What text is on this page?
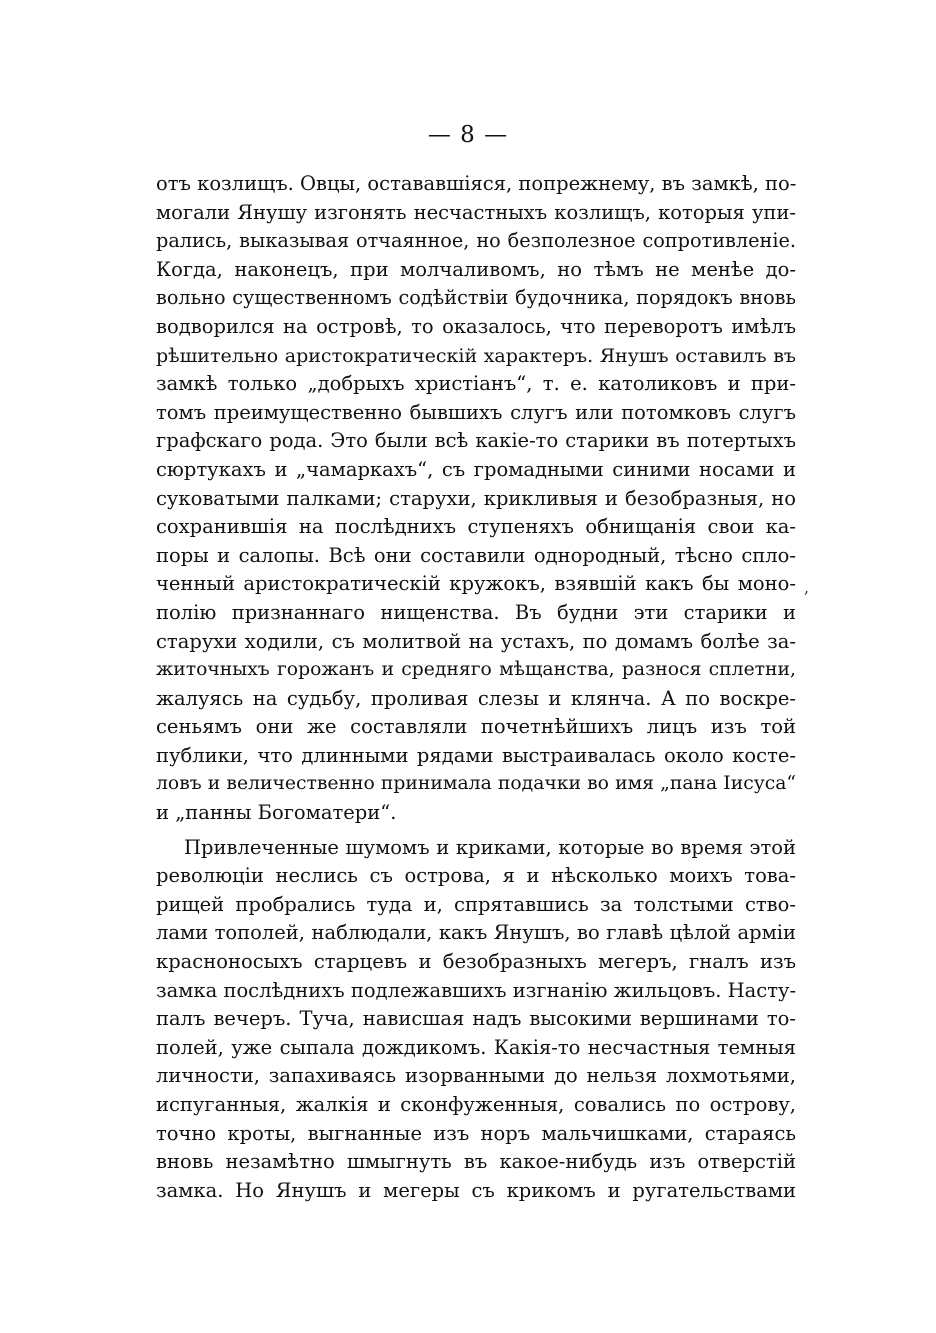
— 8 —
отъ козлищъ. Овцы, остававшіяся, попрежнему, въ замкѣ, по-
могали Янушу изгонять несчастныхъ козлищъ, которыя упи-
рались, выказывая отчаянное, но безполезное сопротивленіе.
Когда, наконецъ, при молчаливомъ, но тѣмъ не менѣе до-
вольно существенномъ содѣйствіи будочника, порядокъ вновь
водворился на островѣ, то оказалось, что переворотъ имѣлъ
рѣшительно аристократическій характеръ. Янушъ оставилъ въ
замкѣ только „добрыхъ христіанъ“, т. е. католиковъ и при-
томъ преимущественно бывшихъ слугъ или потомковъ слугъ
графскаго рода. Это были всѣ какіе-то старики въ потертыхъ
сюртукахъ и „чамаркахъ“, съ громадными синими носами и
суковатыми палками; старухи, крикливыя и безобразныя, но
сохранившія на послѣднихъ ступеняхъ обнищанія свои ка-
поры и салопы. Всѣ они составили однородный, тѣсно спло-
ченный аристократическій кружокъ, взявшій какъ бы моно-
полію признаннаго нищенства. Въ будни эти старики и
старухи ходили, съ молитвой на устахъ, по домамъ болѣе за-
житочныхъ горожанъ и средняго мѣщанства, разнося сплетни,
жалуясь на судьбу, проливая слезы и клянча. А по воскре-
сеньямъ они же составляли почетнѣйшихъ лицъ изъ той
публики, что длинными рядами выстраивалась около косте-
ловъ и величественно принимала подачки во имя „пана Іисуса“
и „панны Богоматери“.
Привлеченные шумомъ и криками, которые во время этой
революціи неслись съ острова, я и нѣсколько моихъ това-
рищей пробрались туда и, спрятавшись за толстыми ство-
лами тополей, наблюдали, какъ Янушъ, во главѣ цѣлой арміи
красноносыхъ старцевъ и безобразныхъ мегеръ, гналъ изъ
замка послѣднихъ подлежавшихъ изгнанію жильцовъ. Насту-
палъ вечеръ. Туча, нависшая надъ высокими вершинами то-
полей, уже сыпала дождикомъ. Какія-то несчастныя темныя
личности, запахиваясь изорванными до нельзя лохмотьями,
испуганныя, жалкія и сконфуженныя, совались по острову,
точно кроты, выгнанные изъ норъ мальчишками, стараясь
вновь незамѣтно шмыгнуть въ какое-нибудь изъ отверстій
замка. Но Янушъ и мегеры съ крикомъ и ругательствами
,
